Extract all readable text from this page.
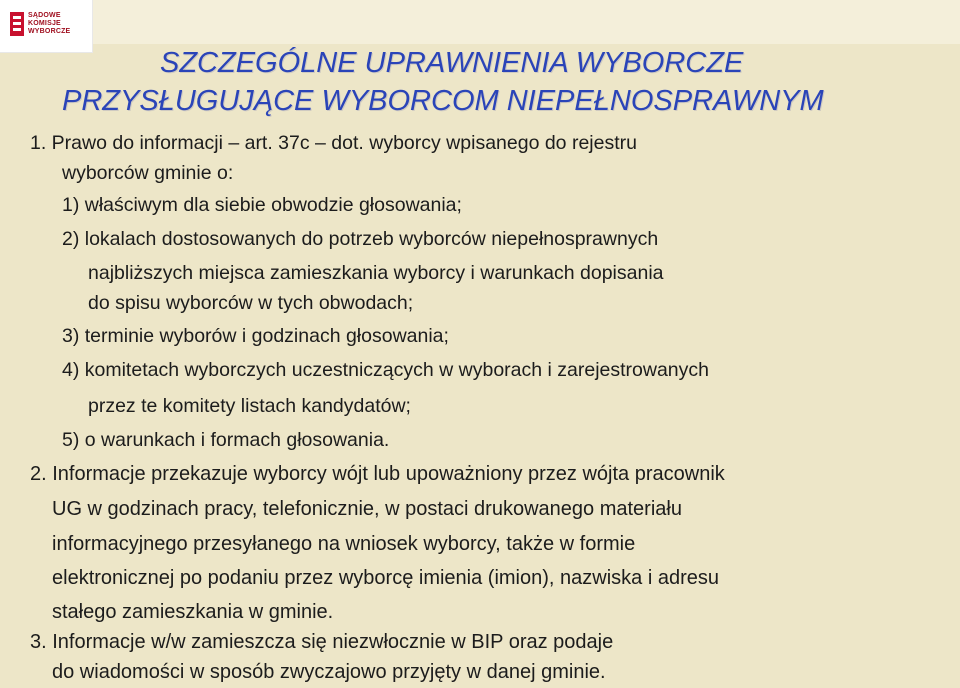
SĄDOWE
KOMISJE
WYBORCZE
SZCZEGÓLNE UPRAWNIENIA WYBORCZE
PRZYSŁUGUJĄCE WYBORCOM NIEPEŁNOSPRAWNYM
1. Prawo do informacji – art. 37c – dot. wyborcy wpisanego do rejestru
wyborców gminie o:
1) właściwym dla siebie obwodzie głosowania;
2) lokalach dostosowanych do potrzeb wyborców niepełnosprawnych
najbliższych miejsca zamieszkania wyborcy i warunkach dopisania
do spisu wyborców w tych obwodach;
3) terminie wyborów i godzinach głosowania;
4) komitetach wyborczych uczestniczących w wyborach i zarejestrowanych
przez te komitety listach kandydatów;
5) o warunkach i formach głosowania.
2. Informacje przekazuje wyborcy wójt lub upoważniony przez wójta pracownik
UG w godzinach pracy, telefonicznie, w postaci drukowanego materiału
informacyjnego przesyłanego na wniosek wyborcy, także w formie
elektronicznej po podaniu przez wyborcę imienia (imion), nazwiska i adresu
stałego zamieszkania w gminie.
3. Informacje w/w zamieszcza się niezwłocznie w BIP oraz podaje
do wiadomości w sposób zwyczajowo przyjęty w danej gminie.
